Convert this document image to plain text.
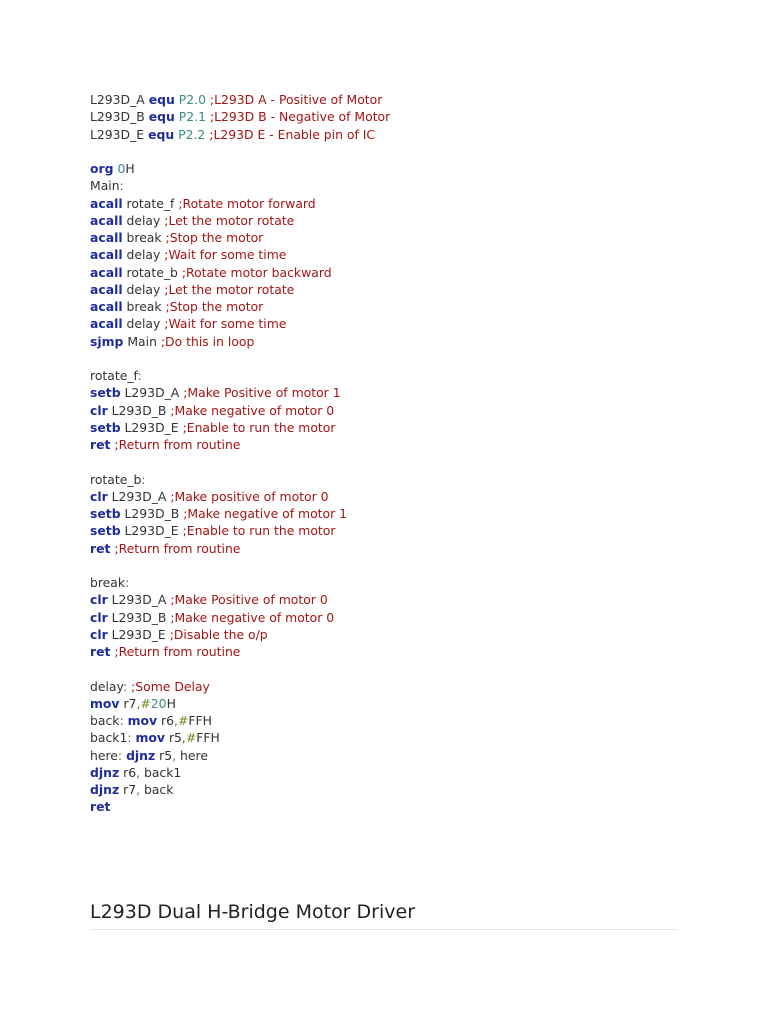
L293D_A equ P2.0 ;L293D A - Positive of Motor
L293D_B equ P2.1 ;L293D B - Negative of Motor
L293D_E equ P2.2 ;L293D E - Enable pin of IC
org 0H
Main:
acall rotate_f ;Rotate motor forward
acall delay ;Let the motor rotate
acall break ;Stop the motor
acall delay ;Wait for some time
acall rotate_b ;Rotate motor backward
acall delay ;Let the motor rotate
acall break ;Stop the motor
acall delay ;Wait for some time
sjmp Main ;Do this in loop
rotate_f:
setb L293D_A ;Make Positive of motor 1
clr L293D_B ;Make negative of motor 0
setb L293D_E ;Enable to run the motor
ret ;Return from routine
rotate_b:
clr L293D_A ;Make positive of motor 0
setb L293D_B ;Make negative of motor 1
setb L293D_E ;Enable to run the motor
ret ;Return from routine
break:
clr L293D_A ;Make Positive of motor 0
clr L293D_B ;Make negative of motor 0
clr L293D_E ;Disable the o/p
ret ;Return from routine
delay: ;Some Delay
mov r7,#20H
back: mov r6,#FFH
back1: mov r5,#FFH
here: djnz r5, here
djnz r6, back1
djnz r7, back
ret
L293D Dual H-Bridge Motor Driver
